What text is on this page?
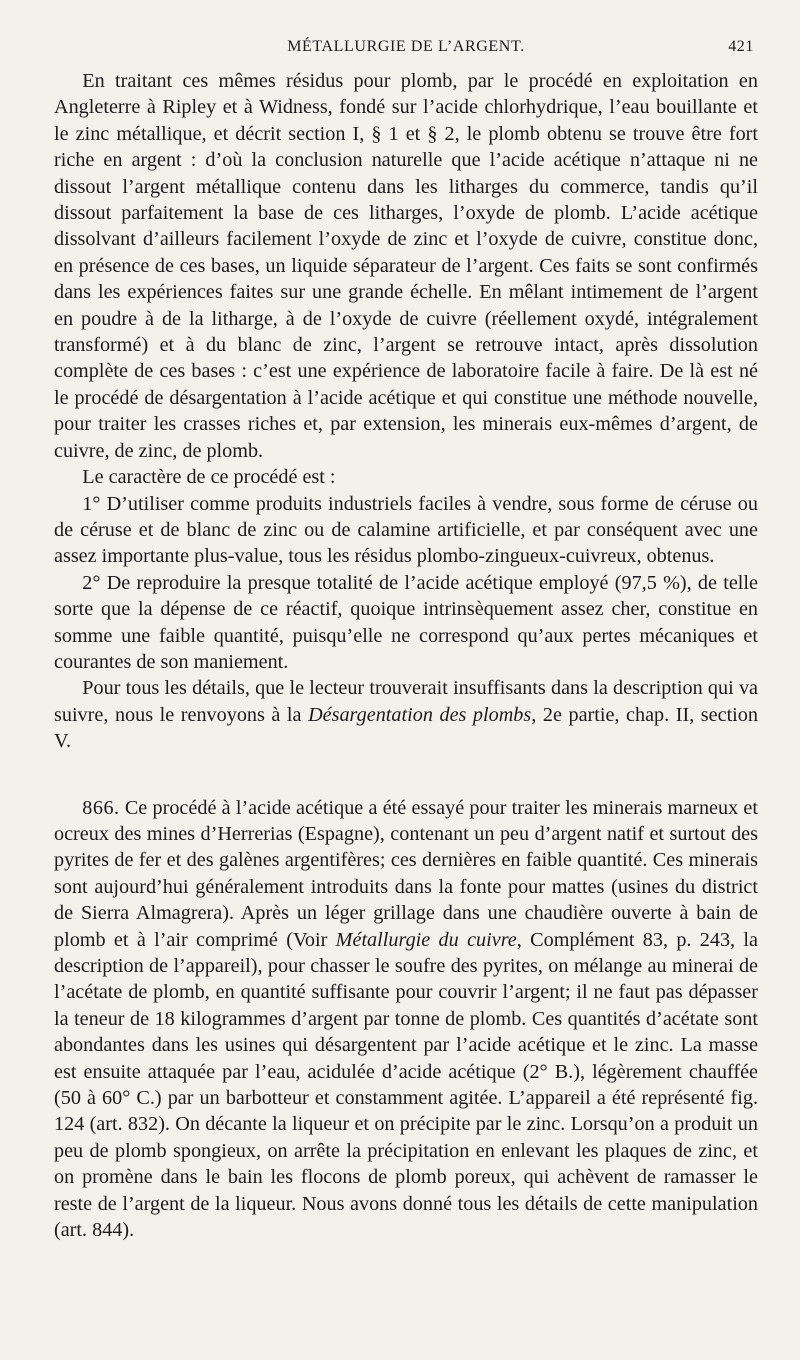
MÉTALLURGIE DE L’ARGENT.	421

En traitant ces mêmes résidus pour plomb, par le procédé en exploitation en Angleterre à Ripley et à Widness, fondé sur l’acide chlorhydrique, l’eau bouillante et le zinc métallique, et décrit section I, § 1 et § 2, le plomb obtenu se trouve être fort riche en argent : d’où la conclusion naturelle que l’acide acétique n’attaque ni ne dissout l’argent métallique contenu dans les litharges du commerce, tandis qu’il dissout parfaitement la base de ces litharges, l’oxyde de plomb. L’acide acétique dissolvant d’ailleurs facilement l’oxyde de zinc et l’oxyde de cuivre, constitue donc, en présence de ces bases, un liquide séparateur de l’argent. Ces faits se sont confirmés dans les expériences faites sur une grande échelle. En mêlant intimement de l’argent en poudre à de la litharge, à de l’oxyde de cuivre (réellement oxydé, intégralement transformé) et à du blanc de zinc, l’argent se retrouve intact, après dissolution complète de ces bases : c’est une expérience de laboratoire facile à faire. De là est né le procédé de désargentation à l’acide acétique et qui constitue une méthode nouvelle, pour traiter les crasses riches et, par extension, les minerais eux-mêmes d’argent, de cuivre, de zinc, de plomb.

Le caractère de ce procédé est :

1° D’utiliser comme produits industriels faciles à vendre, sous forme de céruse ou de céruse et de blanc de zinc ou de calamine artificielle, et par conséquent avec une assez importante plus-value, tous les résidus plombo-zingueux-cuivreux, obtenus.

2° De reproduire la presque totalité de l’acide acétique employé (97,5 %), de telle sorte que la dépense de ce réactif, quoique intrinsèquement assez cher, constitue en somme une faible quantité, puisqu’elle ne correspond qu’aux pertes mécaniques et courantes de son maniement.

Pour tous les détails, que le lecteur trouverait insuffisants dans la description qui va suivre, nous le renvoyons à la Désargentation des plombs, 2e partie, chap. II, section V.

866. Ce procédé à l’acide acétique a été essayé pour traiter les minerais marneux et ocreux des mines d’Herrerias (Espagne), contenant un peu d’argent natif et surtout des pyrites de fer et des galènes argentifères; ces dernières en faible quantité. Ces minerais sont aujourd’hui généralement introduits dans la fonte pour mattes (usines du district de Sierra Almagrera). Après un léger grillage dans une chaudière ouverte à bain de plomb et à l’air comprimé (Voir Métallurgie du cuivre, Complément 83, p. 243, la description de l’appareil), pour chasser le soufre des pyrites, on mélange au minerai de l’acétate de plomb, en quantité suffisante pour couvrir l’argent; il ne faut pas dépasser la teneur de 18 kilogrammes d’argent par tonne de plomb. Ces quantités d’acétate sont abondantes dans les usines qui désargentent par l’acide acétique et le zinc. La masse est ensuite attaquée par l’eau, acidulée d’acide acétique (2° B.), légèrement chauffée (50 à 60° C.) par un barbotteur et constamment agitée. L’appareil a été représenté fig. 124 (art. 832). On décante la liqueur et on précipite par le zinc. Lorsqu’on a produit un peu de plomb spongieux, on arrête la précipitation en enlevant les plaques de zinc, et on promène dans le bain les flocons de plomb poreux, qui achèvent de ramasser le reste de l’argent de la liqueur. Nous avons donné tous les détails de cette manipulation (art. 844).
